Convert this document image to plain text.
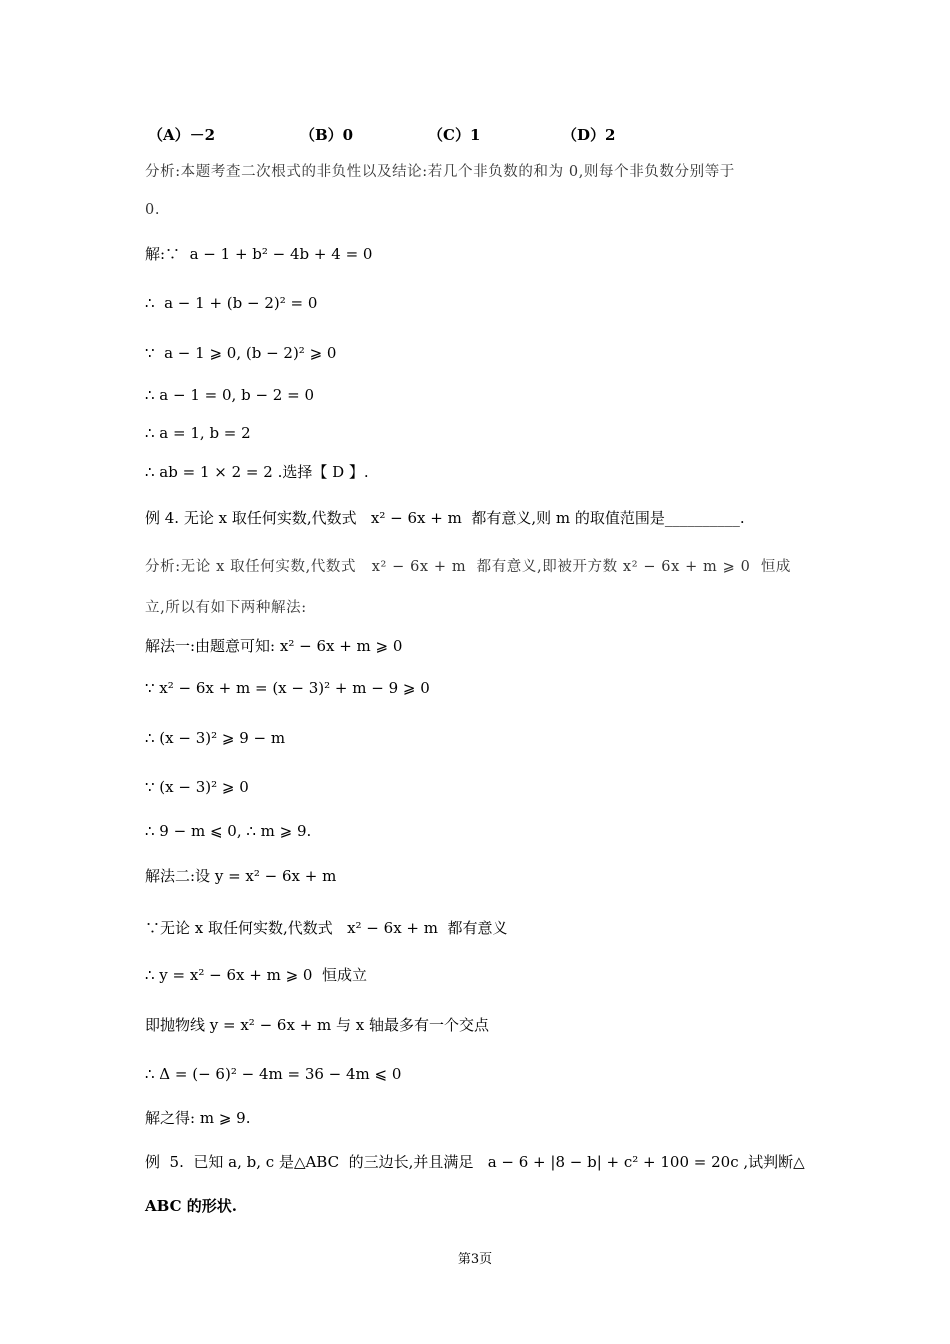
（A）－2	（B）0	（C）1	（D）2
分析:本题考查二次根式的非负性以及结论:若几个非负数的和为 0,则每个非负数分别等于
0.
解:∵  a − 1 + b² − 4b + 4 = 0
∴  a − 1 + (b − 2)² = 0
∵  a − 1 ⩾ 0, (b − 2)² ⩾ 0
∴ a − 1 = 0, b − 2 = 0
∴ a = 1, b = 2
∴ ab = 1 × 2 = 2 .选择【 D 】.
例 4. 无论 x 取任何实数,代数式   x² − 6x + m  都有意义,则 m 的取值范围是__________.
分析:无论 x 取任何实数,代数式   x² − 6x + m  都有意义,即被开方数 x² − 6x + m ⩾ 0  恒成
立,所以有如下两种解法:
解法一:由题意可知: x² − 6x + m ⩾ 0
∵ x² − 6x + m = (x − 3)² + m − 9 ⩾ 0
∴ (x − 3)² ⩾ 9 − m
∵ (x − 3)² ⩾ 0
∴ 9 − m ⩽ 0, ∴ m ⩾ 9.
解法二:设 y = x² − 6x + m
∵无论 x 取任何实数,代数式   x² − 6x + m  都有意义
∴ y = x² − 6x + m ⩾ 0  恒成立
即抛物线 y = x² − 6x + m 与 x 轴最多有一个交点
∴ Δ = (− 6)² − 4m = 36 − 4m ⩽ 0
解之得: m ⩾ 9.
例  5.  已知 a, b, c 是△ABC  的三边长,并且满足   a − 6 + |8 − b| + c² + 100 = 20c ,试判断△
ABC 的形状.
第3页
